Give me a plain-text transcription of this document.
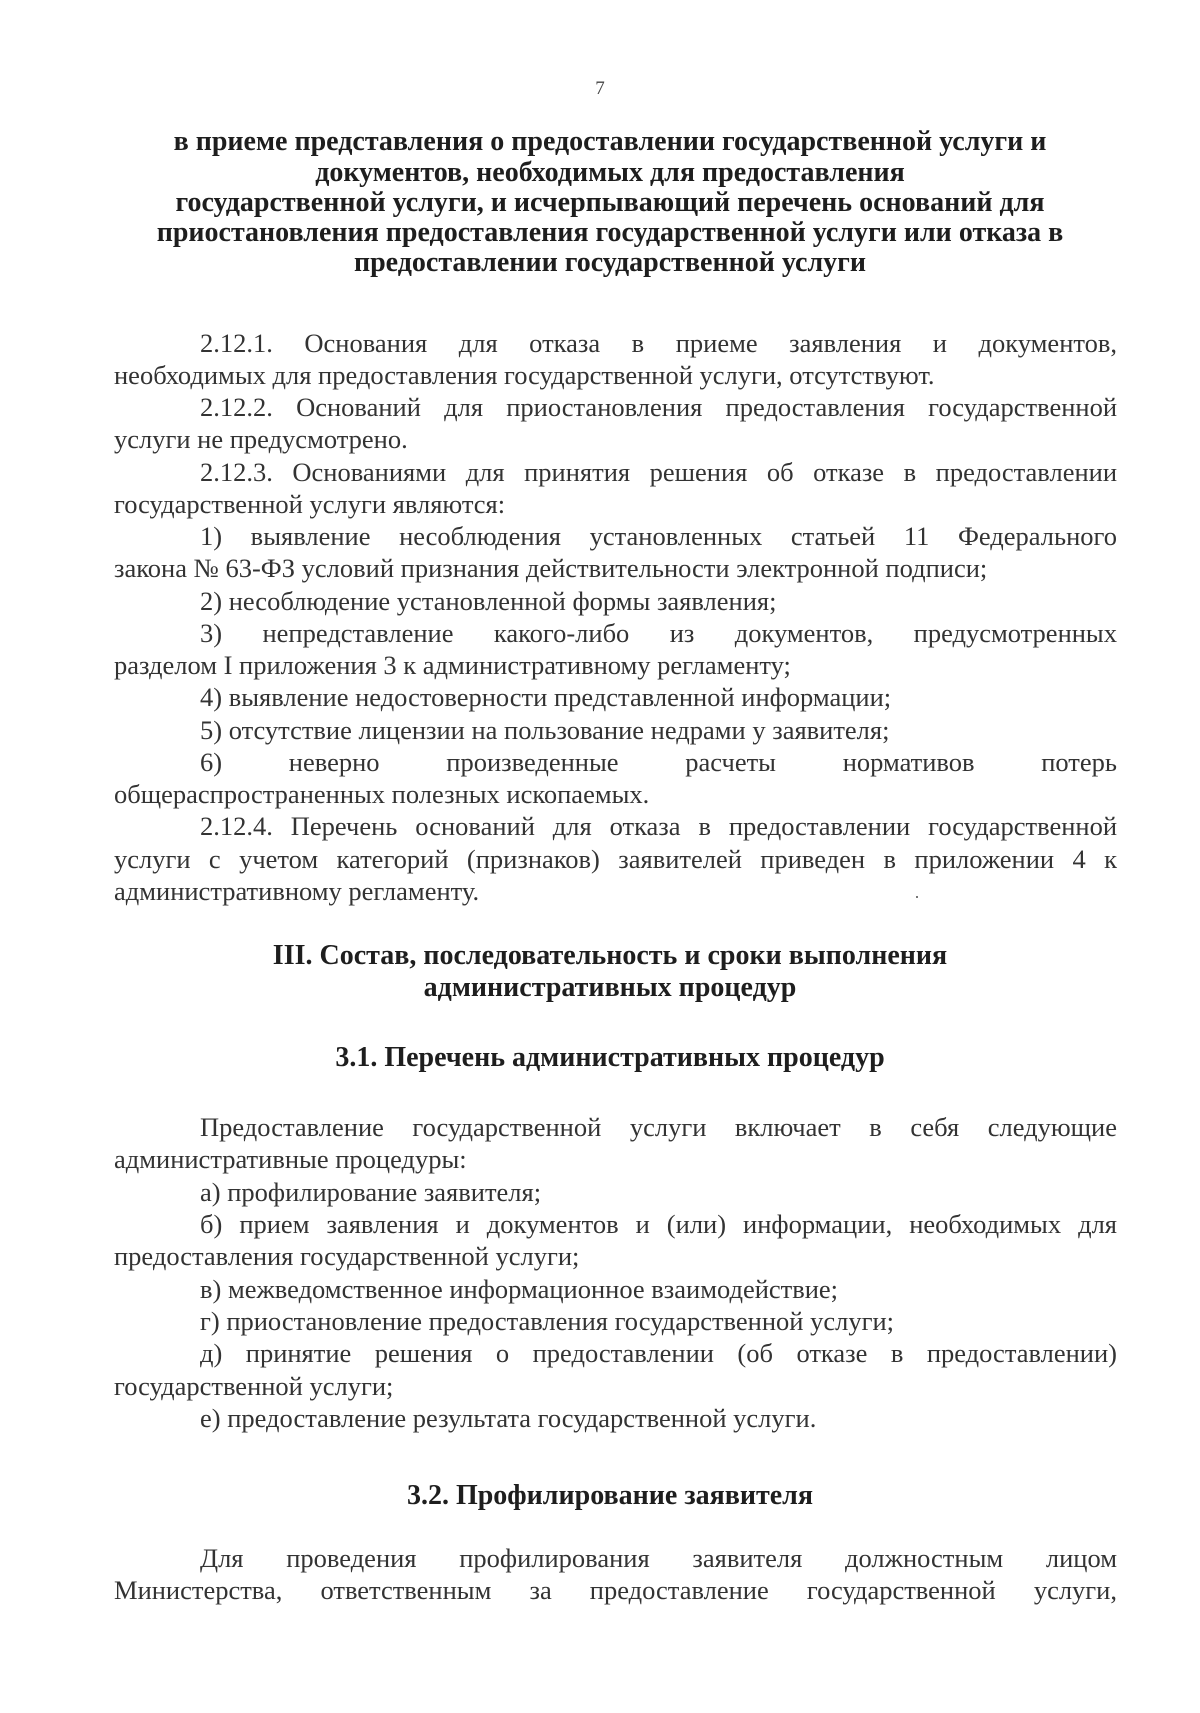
7
в приеме представления о предоставлении государственной услуги и
документов, необходимых для предоставления
государственной услуги, и исчерпывающий перечень оснований для
приостановления предоставления государственной услуги или отказа в
предоставлении государственной услуги
2.12.1. Основания для отказа в приеме заявления и документов,
необходимых для предоставления государственной услуги, отсутствуют.
2.12.2. Оснований для приостановления предоставления государственной
услуги не предусмотрено.
2.12.3. Основаниями для принятия решения об отказе в предоставлении
государственной услуги являются:
1) выявление несоблюдения установленных статьей 11 Федерального
закона № 63-ФЗ условий признания действительности электронной подписи;
2) несоблюдение установленной формы заявления;
3) непредставление какого-либо из документов, предусмотренных
разделом I приложения 3 к административному регламенту;
4) выявление недостоверности представленной информации;
5) отсутствие лицензии на пользование недрами у заявителя;
6) неверно произведенные расчеты нормативов потерь
общераспространенных полезных ископаемых.
2.12.4. Перечень оснований для отказа в предоставлении государственной
услуги с учетом категорий (признаков) заявителей приведен в приложении 4 к
административному регламенту.
III. Состав, последовательность и сроки выполнения
административных процедур
3.1. Перечень административных процедур
Предоставление государственной услуги включает в себя следующие
административные процедуры:
а) профилирование заявителя;
б) прием заявления и документов и (или) информации, необходимых для
предоставления государственной услуги;
в) межведомственное информационное взаимодействие;
г) приостановление предоставления государственной услуги;
д) принятие решения о предоставлении (об отказе в предоставлении)
государственной услуги;
е) предоставление результата государственной услуги.
3.2. Профилирование заявителя
Для проведения профилирования заявителя должностным лицом
Министерства, ответственным за предоставление государственной услуги,
